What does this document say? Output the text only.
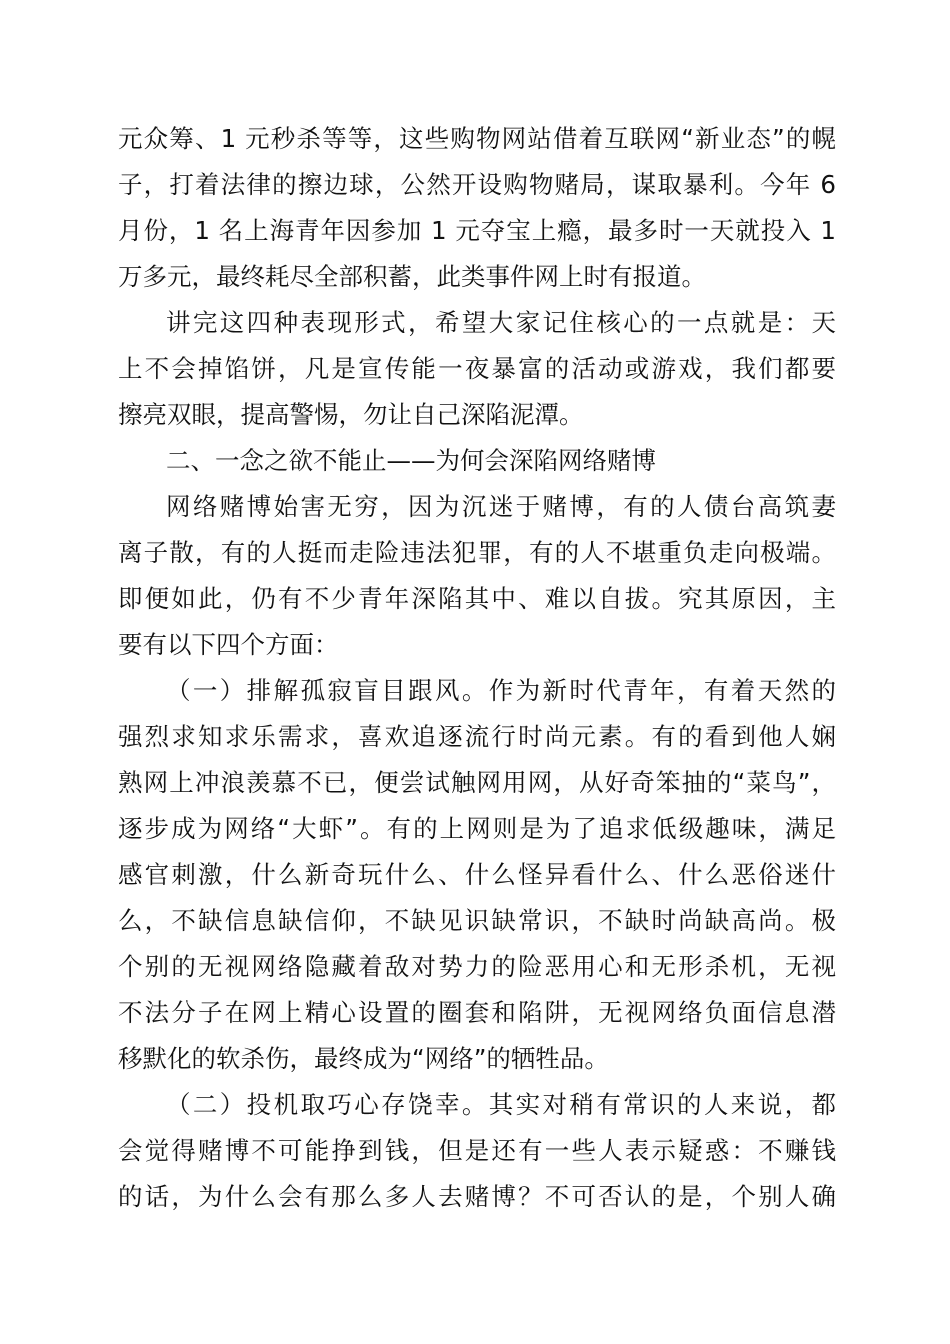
元众筹、1 元秒杀等等，这些购物网站借着互联网“新业态”的幌
子，打着法律的擦边球，公然开设购物赌局，谋取暴利。今年 6
月份，1 名上海青年因参加 1 元夺宝上瘾，最多时一天就投入 1
万多元，最终耗尽全部积蓄，此类事件网上时有报道。
讲完这四种表现形式，希望大家记住核心的一点就是：天
上不会掉馅饼，凡是宣传能一夜暴富的活动或游戏，我们都要
擦亮双眼，提高警惕，勿让自己深陷泥潭。
二、一念之欲不能止——为何会深陷网络赌博
网络赌博始害无穷，因为沉迷于赌博，有的人债台高筑妻
离子散，有的人挺而走险违法犯罪，有的人不堪重负走向极端。
即便如此，仍有不少青年深陷其中、难以自拔。究其原因，主
要有以下四个方面：
（一）排解孤寂盲目跟风。作为新时代青年，有着天然的
强烈求知求乐需求，喜欢追逐流行时尚元素。有的看到他人娴
熟网上冲浪羡慕不已，便尝试触网用网，从好奇笨抽的“菜鸟”，
逐步成为网络“大虾”。有的上网则是为了追求低级趣味，满足
感官刺激，什么新奇玩什么、什么怪异看什么、什么恶俗迷什
么，不缺信息缺信仰，不缺见识缺常识，不缺时尚缺高尚。极
个别的无视网络隐藏着敌对势力的险恶用心和无形杀机，无视
不法分子在网上精心设置的圈套和陷阱，无视网络负面信息潜
移默化的软杀伤，最终成为“网络”的牺牲品。
（二）投机取巧心存饶幸。其实对稍有常识的人来说，都
会觉得赌博不可能挣到钱，但是还有一些人表示疑惑：不赚钱
的话，为什么会有那么多人去赌博？不可否认的是，个别人确
